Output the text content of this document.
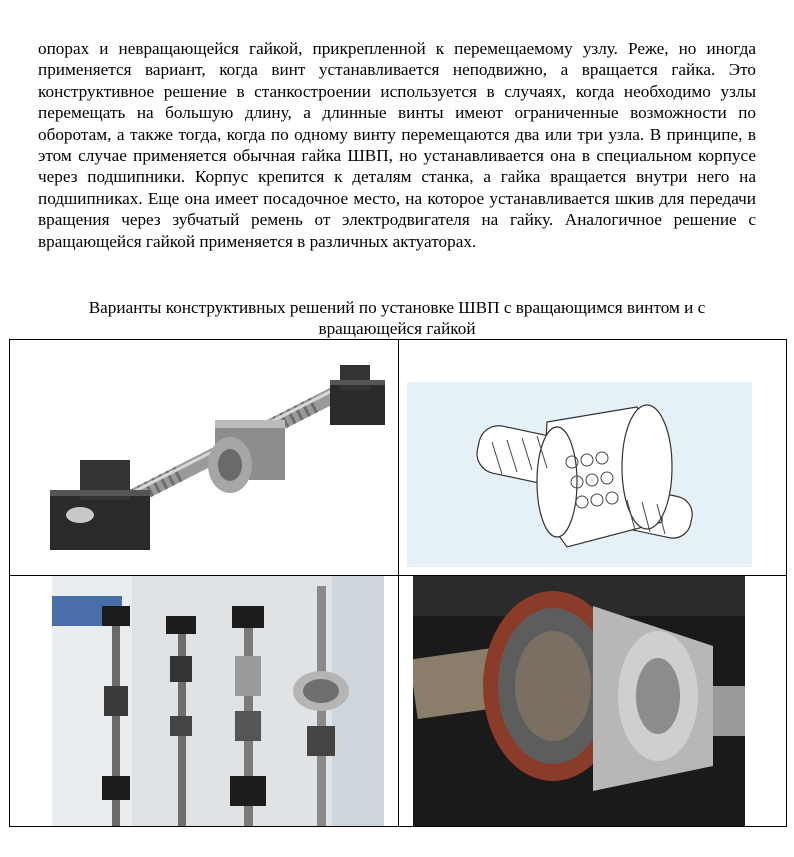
опорах и невращающейся гайкой, прикрепленной к перемещаемому узлу. Реже, но иногда применяется вариант, когда винт устанавливается неподвижно, а вращается гайка. Это конструктивное решение в станкостроении используется в случаях, когда необходимо узлы перемещать на большую длину, а длинные винты имеют ограниченные возможности по оборотам, а также тогда, когда по одному винту перемещаются два или три узла. В принципе, в этом случае применяется обычная гайка ШВП, но устанавливается она в специальном корпусе через подшипники. Корпус крепится к деталям станка, а гайка вращается внутри него на подшипниках. Еще она имеет посадочное место, на которое устанавливается шкив для передачи вращения через зубчатый ремень от электродвигателя на гайку. Аналогичное решение с вращающейся гайкой применяется в различных актуаторах.

Варианты конструктивных решений по установке ШВП с вращающимся винтом и с вращающейся гайкой
